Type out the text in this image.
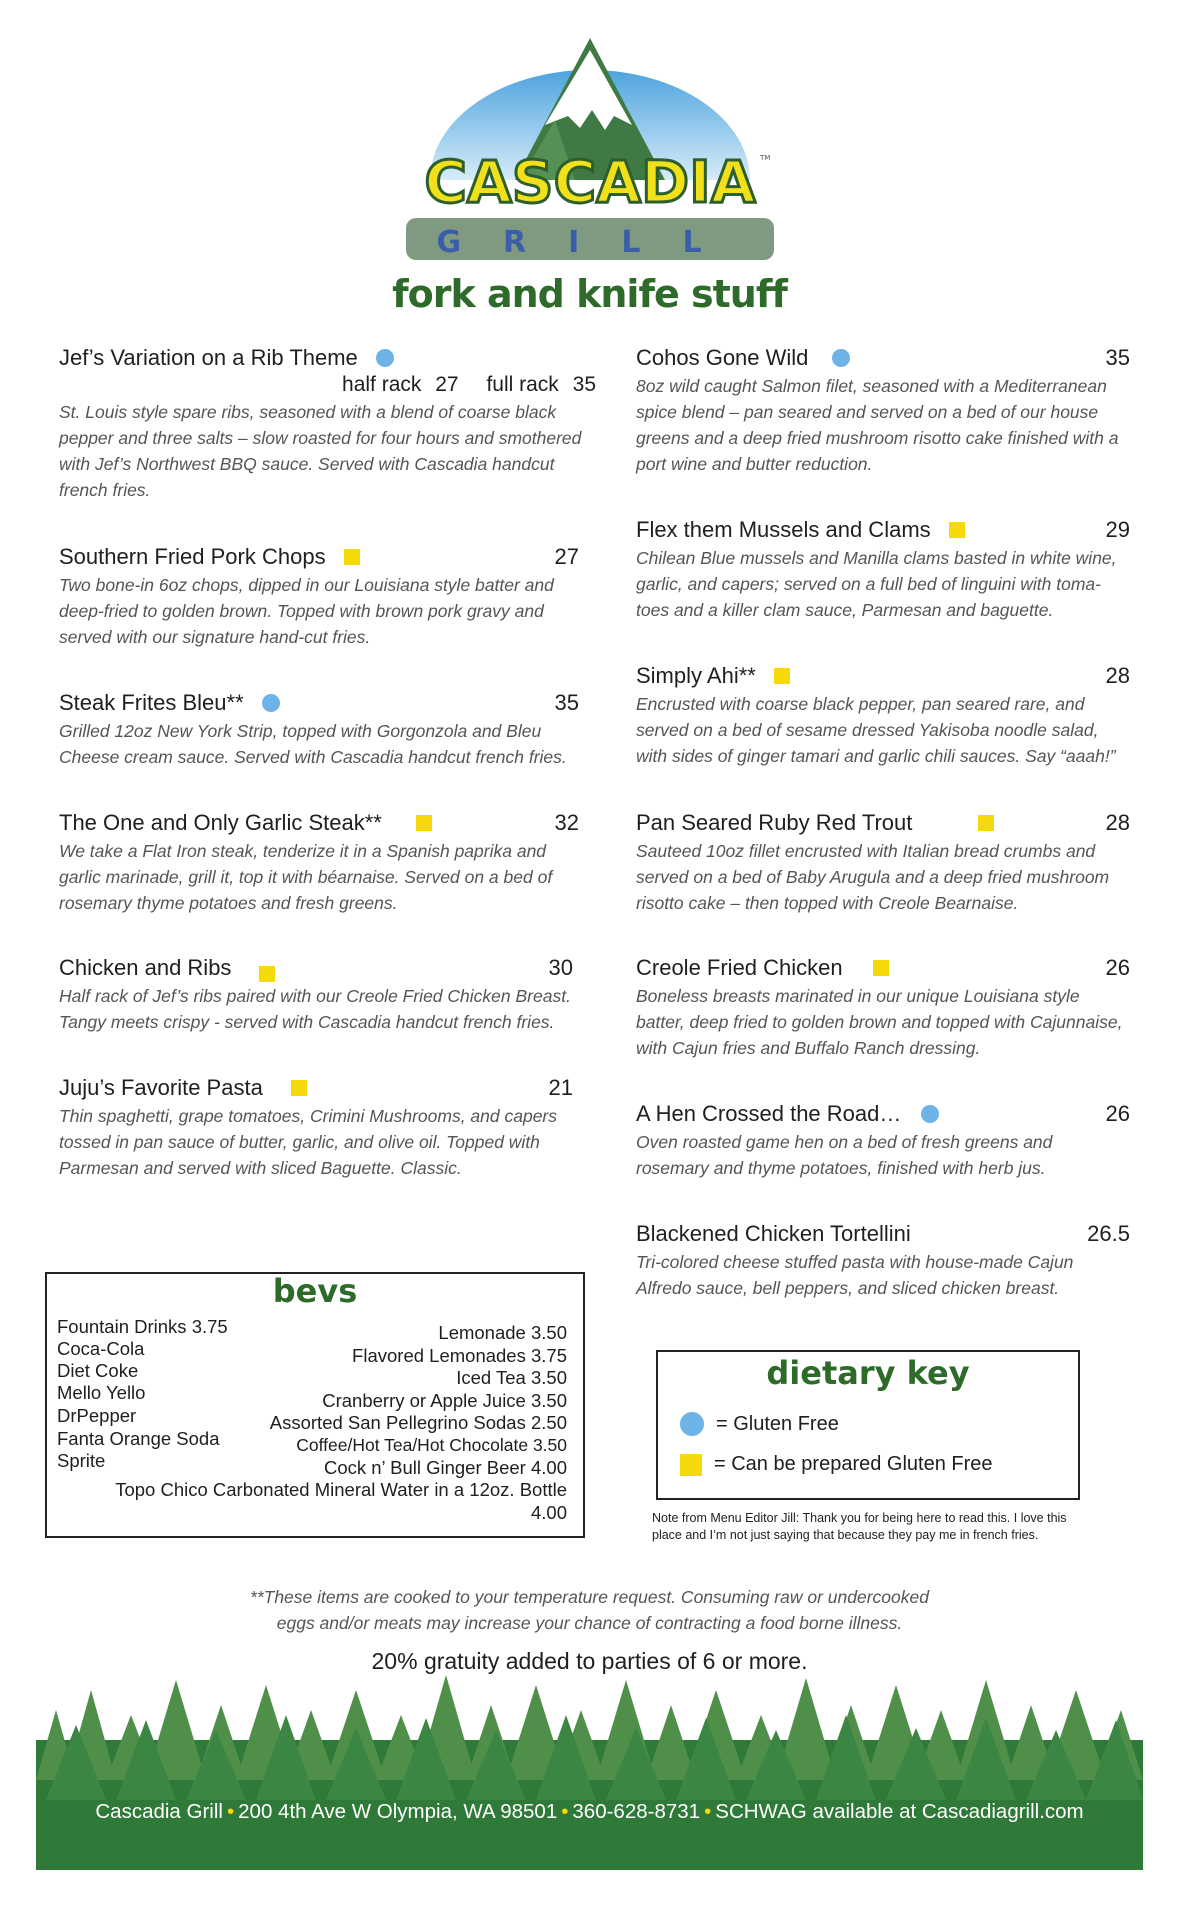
CASCADIA
GRILL
TM
fork and knife stuff
Jef’s Variation on a Rib Theme
half rack 27 full rack 35
St. Louis style spare ribs, seasoned with a blend of coarse black pepper and three salts – slow roasted for four hours and smothered with Jef’s Northwest BBQ sauce. Served with Cascadia handcut french fries.
Southern Fried Pork Chops	27
Two bone-in 6oz chops, dipped in our Louisiana style batter and deep-fried to golden brown. Topped with brown pork gravy and served with our signature hand-cut fries.
Steak Frites Bleu**	35
Grilled 12oz New York Strip, topped with Gorgonzola and Bleu Cheese cream sauce. Served with Cascadia handcut french fries.
The One and Only Garlic Steak**	32
We take a Flat Iron steak, tenderize it in a Spanish paprika and garlic marinade, grill it, top it with béarnaise. Served on a bed of rosemary thyme potatoes and fresh greens.
Chicken and Ribs	30
Half rack of Jef’s ribs paired with our Creole Fried Chicken Breast. Tangy meets crispy - served with Cascadia handcut french fries.
Juju’s Favorite Pasta	21
Thin spaghetti, grape tomatoes, Crimini Mushrooms, and capers tossed in pan sauce of butter, garlic, and olive oil. Topped with Parmesan and served with sliced Baguette. Classic.
Cohos Gone Wild	35
8oz wild caught Salmon filet, seasoned with a Mediterranean spice blend – pan seared and served on a bed of our house greens and a deep fried mushroom risotto cake finished with a port wine and butter reduction.
Flex them Mussels and Clams	29
Chilean Blue mussels and Manilla clams basted in white wine, garlic, and capers; served on a full bed of linguini with toma-toes and a killer clam sauce, Parmesan and baguette.
Simply Ahi**	28
Encrusted with coarse black pepper, pan seared rare, and served on a bed of sesame dressed Yakisoba noodle salad, with sides of ginger tamari and garlic chili sauces. Say “aaah!”
Pan Seared Ruby Red Trout	28
Sauteed 10oz fillet encrusted with Italian bread crumbs and served on a bed of Baby Arugula and a deep fried mushroom risotto cake – then topped with Creole Bearnaise.
Creole Fried Chicken	26
Boneless breasts marinated in our unique Louisiana style batter, deep fried to golden brown and topped with Cajunnaise, with Cajun fries and Buffalo Ranch dressing.
A Hen Crossed the Road…	26
Oven roasted game hen on a bed of fresh greens and rosemary and thyme potatoes, finished with herb jus.
Blackened Chicken Tortellini	26.5
Tri-colored cheese stuffed pasta with house-made Cajun Alfredo sauce, bell peppers, and sliced chicken breast.
bevs
Fountain Drinks 3.75
Coca-Cola
Diet Coke
Mello Yello
DrPepper
Fanta Orange Soda
Sprite
Lemonade 3.50
Flavored Lemonades 3.75
Iced Tea 3.50
Cranberry or Apple Juice 3.50
Assorted San Pellegrino Sodas 2.50
Coffee/Hot Tea/Hot Chocolate 3.50
Cock n’ Bull Ginger Beer 4.00
Topo Chico Carbonated Mineral Water in a 12oz. Bottle
4.00
dietary key
= Gluten Free
= Can be prepared Gluten Free
Note from Menu Editor Jill: Thank you for being here to read this. I love this place and I’m not just saying that because they pay me in french fries.
**These items are cooked to your temperature request. Consuming raw or undercooked
eggs and/or meats may increase your chance of contracting a food borne illness.
20% gratuity added to parties of 6 or more.
Cascadia Grill • 200 4th Ave W Olympia, WA 98501 • 360-628-8731 • SCHWAG available at Cascadiagrill.com
